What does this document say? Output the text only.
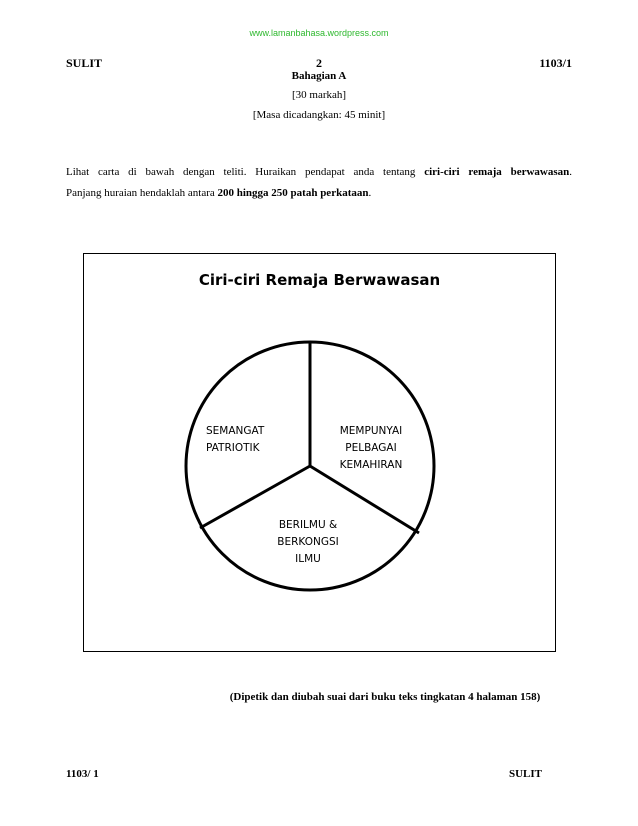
www.lamanbahasa.wordpress.com
SULIT	2	1103/1
Bahagian A
[30 markah]
[Masa dicadangkan: 45 minit]
Lihat carta di bawah dengan teliti. Huraikan pendapat anda tentang ciri-ciri remaja berwawasan.
Panjang huraian hendaklah antara 200 hingga 250 patah perkataan.
Ciri-ciri Remaja Berwawasan
SEMANGAT
PATRIOTIK
MEMPUNYAI
PELBAGAI
KEMAHIRAN
BERILMU &
BERKONGSI
ILMU
(Dipetik dan diubah suai dari buku teks tingkatan 4 halaman 158)
1103/ 1	SULIT
